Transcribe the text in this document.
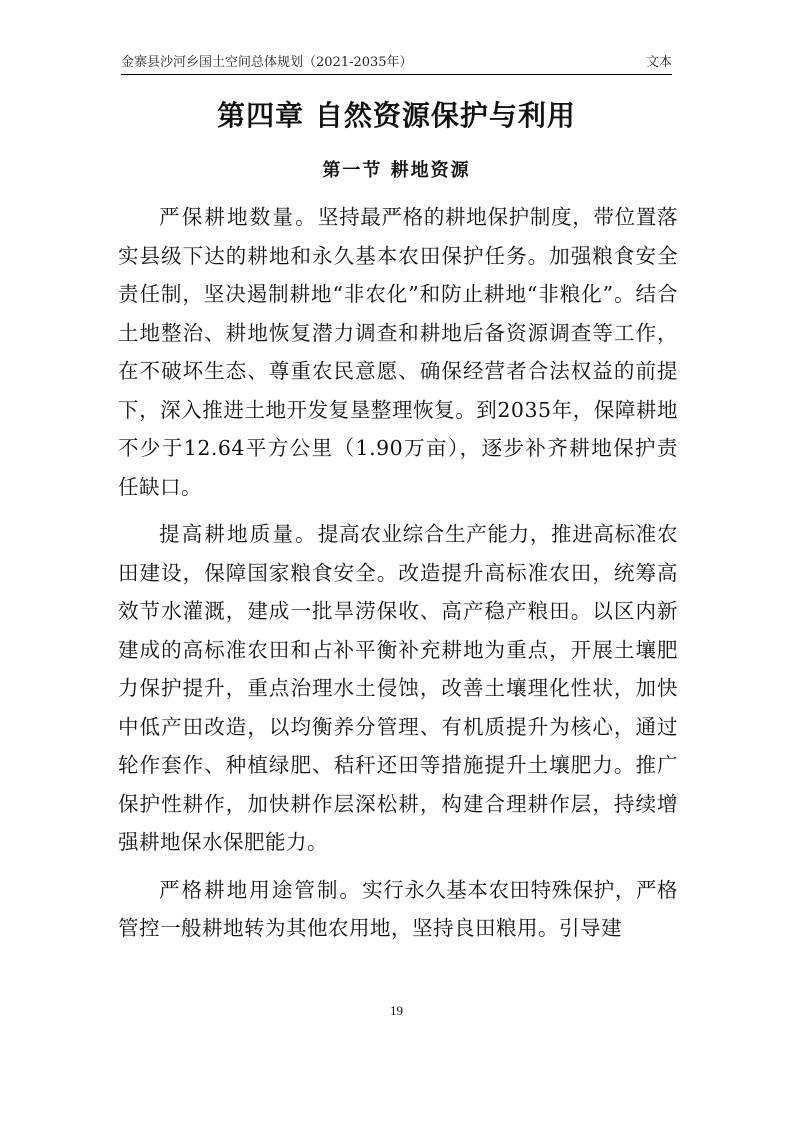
金寨县沙河乡国土空间总体规划（2021-2035年）	文本
第四章 自然资源保护与利用
第一节 耕地资源

严保耕地数量。坚持最严格的耕地保护制度，带位置落实县级下达的耕地和永久基本农田保护任务。加强粮食安全责任制，坚决遏制耕地“非农化”和防止耕地“非粮化”。结合土地整治、耕地恢复潜力调查和耕地后备资源调查等工作，在不破坏生态、尊重农民意愿、确保经营者合法权益的前提下，深入推进土地开发复垦整理恢复。到2035年，保障耕地不少于12.64平方公里（1.90万亩），逐步补齐耕地保护责任缺口。

提高耕地质量。提高农业综合生产能力，推进高标准农田建设，保障国家粮食安全。改造提升高标准农田，统筹高效节水灌溉，建成一批旱涝保收、高产稳产粮田。以区内新建成的高标准农田和占补平衡补充耕地为重点，开展土壤肥力保护提升，重点治理水土侵蚀，改善土壤理化性状，加快中低产田改造，以均衡养分管理、有机质提升为核心，通过轮作套作、种植绿肥、秸秆还田等措施提升土壤肥力。推广保护性耕作，加快耕作层深松耕，构建合理耕作层，持续增强耕地保水保肥能力。

严格耕地用途管制。实行永久基本农田特殊保护，严格管控一般耕地转为其他农用地，坚持良田粮用。引导建

19
